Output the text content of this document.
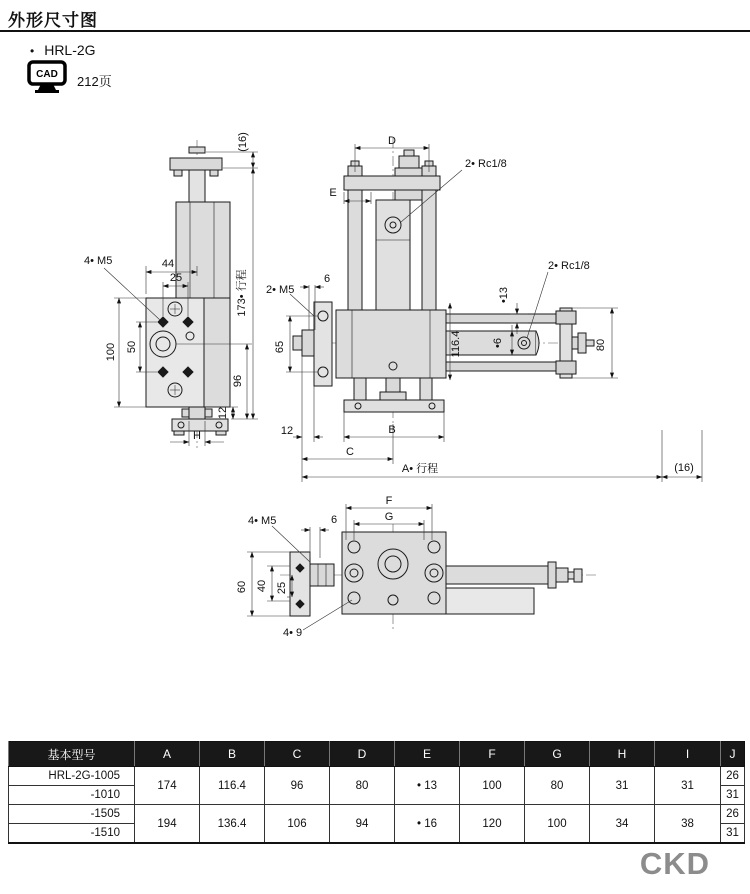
外形尺寸图
• HRL-2G
CAD 212页
(16)
173• 行程
44
25
100 50
96
12
H
4• M5
D
E
2• Rc1/8
•13
116.4	•6
2• Rc1/8
80
2• M5
6
65
12	B
C
A• 行程	(16)
F
G
4• M5	6
60 40 25
4• 9
基本型号	A	B	C	D	E	F	G	H	I	J
HRL-2G-1005	174	116.4	96	80	• 13	100	80	31	31	26
-1010										31
-1505	194	136.4	106	94	• 16	120	100	34	38	26
-1510										31
CKD
